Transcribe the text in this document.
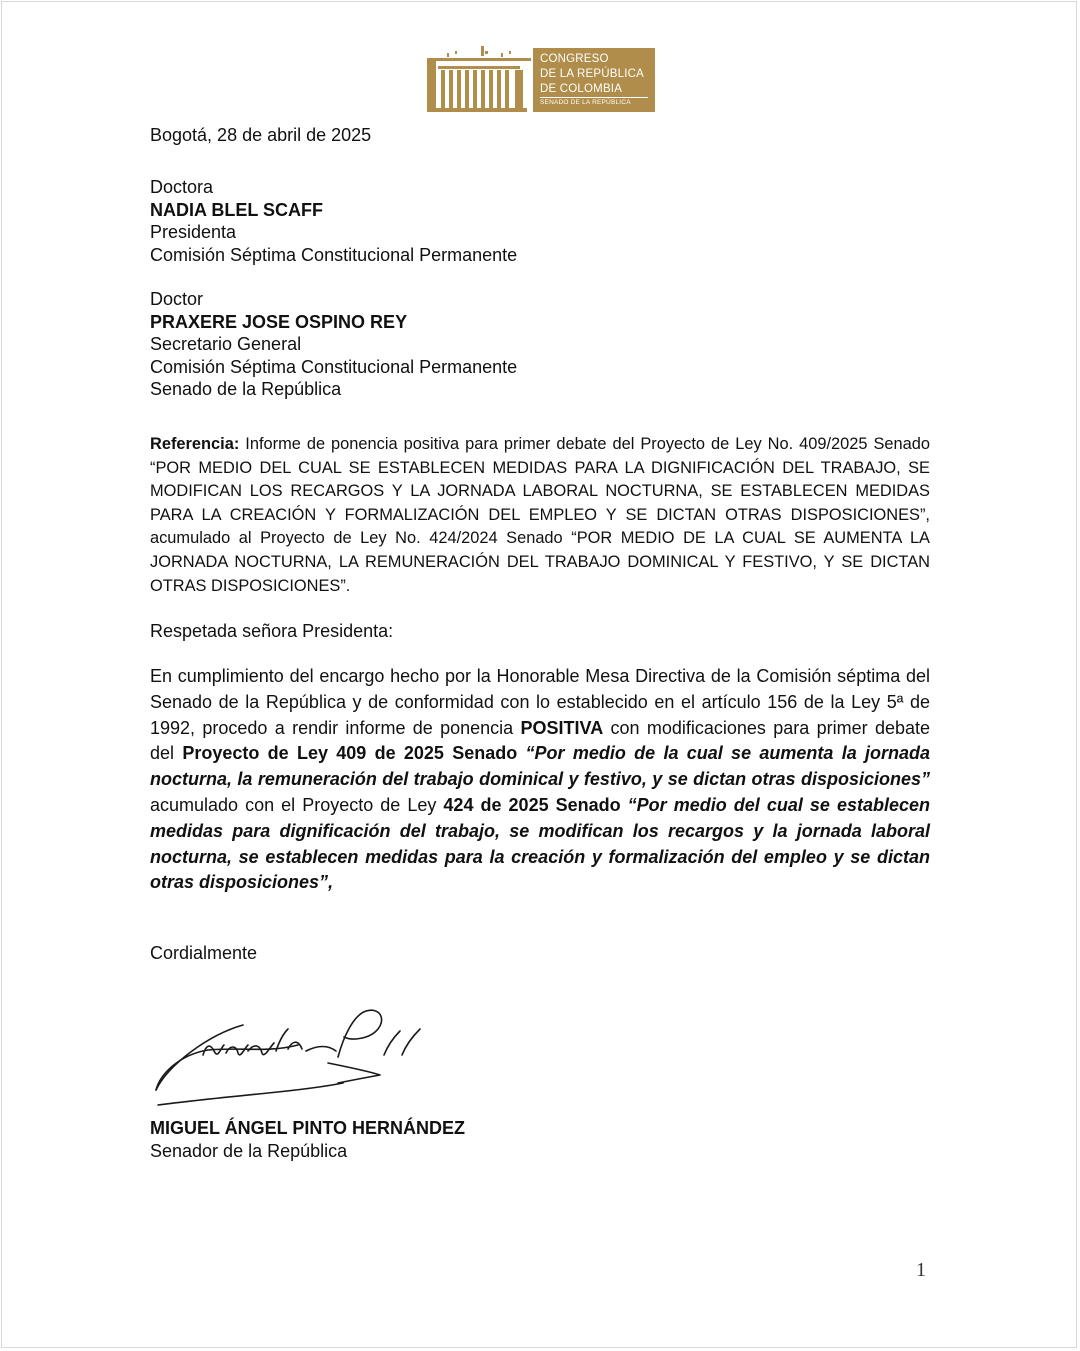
CONGRESO
DE LA REPÚBLICA
DE COLOMBIA
SENADO DE LA REPÚBLICA
Bogotá, 28 de abril de 2025
Doctora
NADIA BLEL SCAFF
Presidenta
Comisión Séptima Constitucional Permanente
Doctor
PRAXERE JOSE OSPINO REY
Secretario General
Comisión Séptima Constitucional Permanente
Senado de la República
Referencia: Informe de ponencia positiva para primer debate del Proyecto de Ley No. 409/2025 Senado “POR MEDIO DEL CUAL SE ESTABLECEN MEDIDAS PARA LA DIGNIFICACIÓN DEL TRABAJO, SE MODIFICAN LOS RECARGOS Y LA JORNADA LABORAL NOCTURNA, SE ESTABLECEN MEDIDAS PARA LA CREACIÓN Y FORMALIZACIÓN DEL EMPLEO Y SE DICTAN OTRAS DISPOSICIONES”, acumulado al Proyecto de Ley No. 424/2024 Senado “POR MEDIO DE LA CUAL SE AUMENTA LA JORNADA NOCTURNA, LA REMUNERACIÓN DEL TRABAJO DOMINICAL Y FESTIVO, Y SE DICTAN OTRAS DISPOSICIONES”.
Respetada señora Presidenta:
En cumplimiento del encargo hecho por la Honorable Mesa Directiva de la Comisión séptima del Senado de la República y de conformidad con lo establecido en el artículo 156 de la Ley 5ª de 1992, procedo a rendir informe de ponencia POSITIVA con modificaciones para primer debate del Proyecto de Ley 409 de 2025 Senado “Por medio de la cual se aumenta la jornada nocturna, la remuneración del trabajo dominical y festivo, y se dictan otras disposiciones” acumulado con el Proyecto de Ley 424 de 2025 Senado “Por medio del cual se establecen medidas para dignificación del trabajo, se modifican los recargos y la jornada laboral nocturna, se establecen medidas para la creación y formalización del empleo y se dictan otras disposiciones”,
Cordialmente
MIGUEL ÁNGEL PINTO HERNÁNDEZ
Senador de la República
1
